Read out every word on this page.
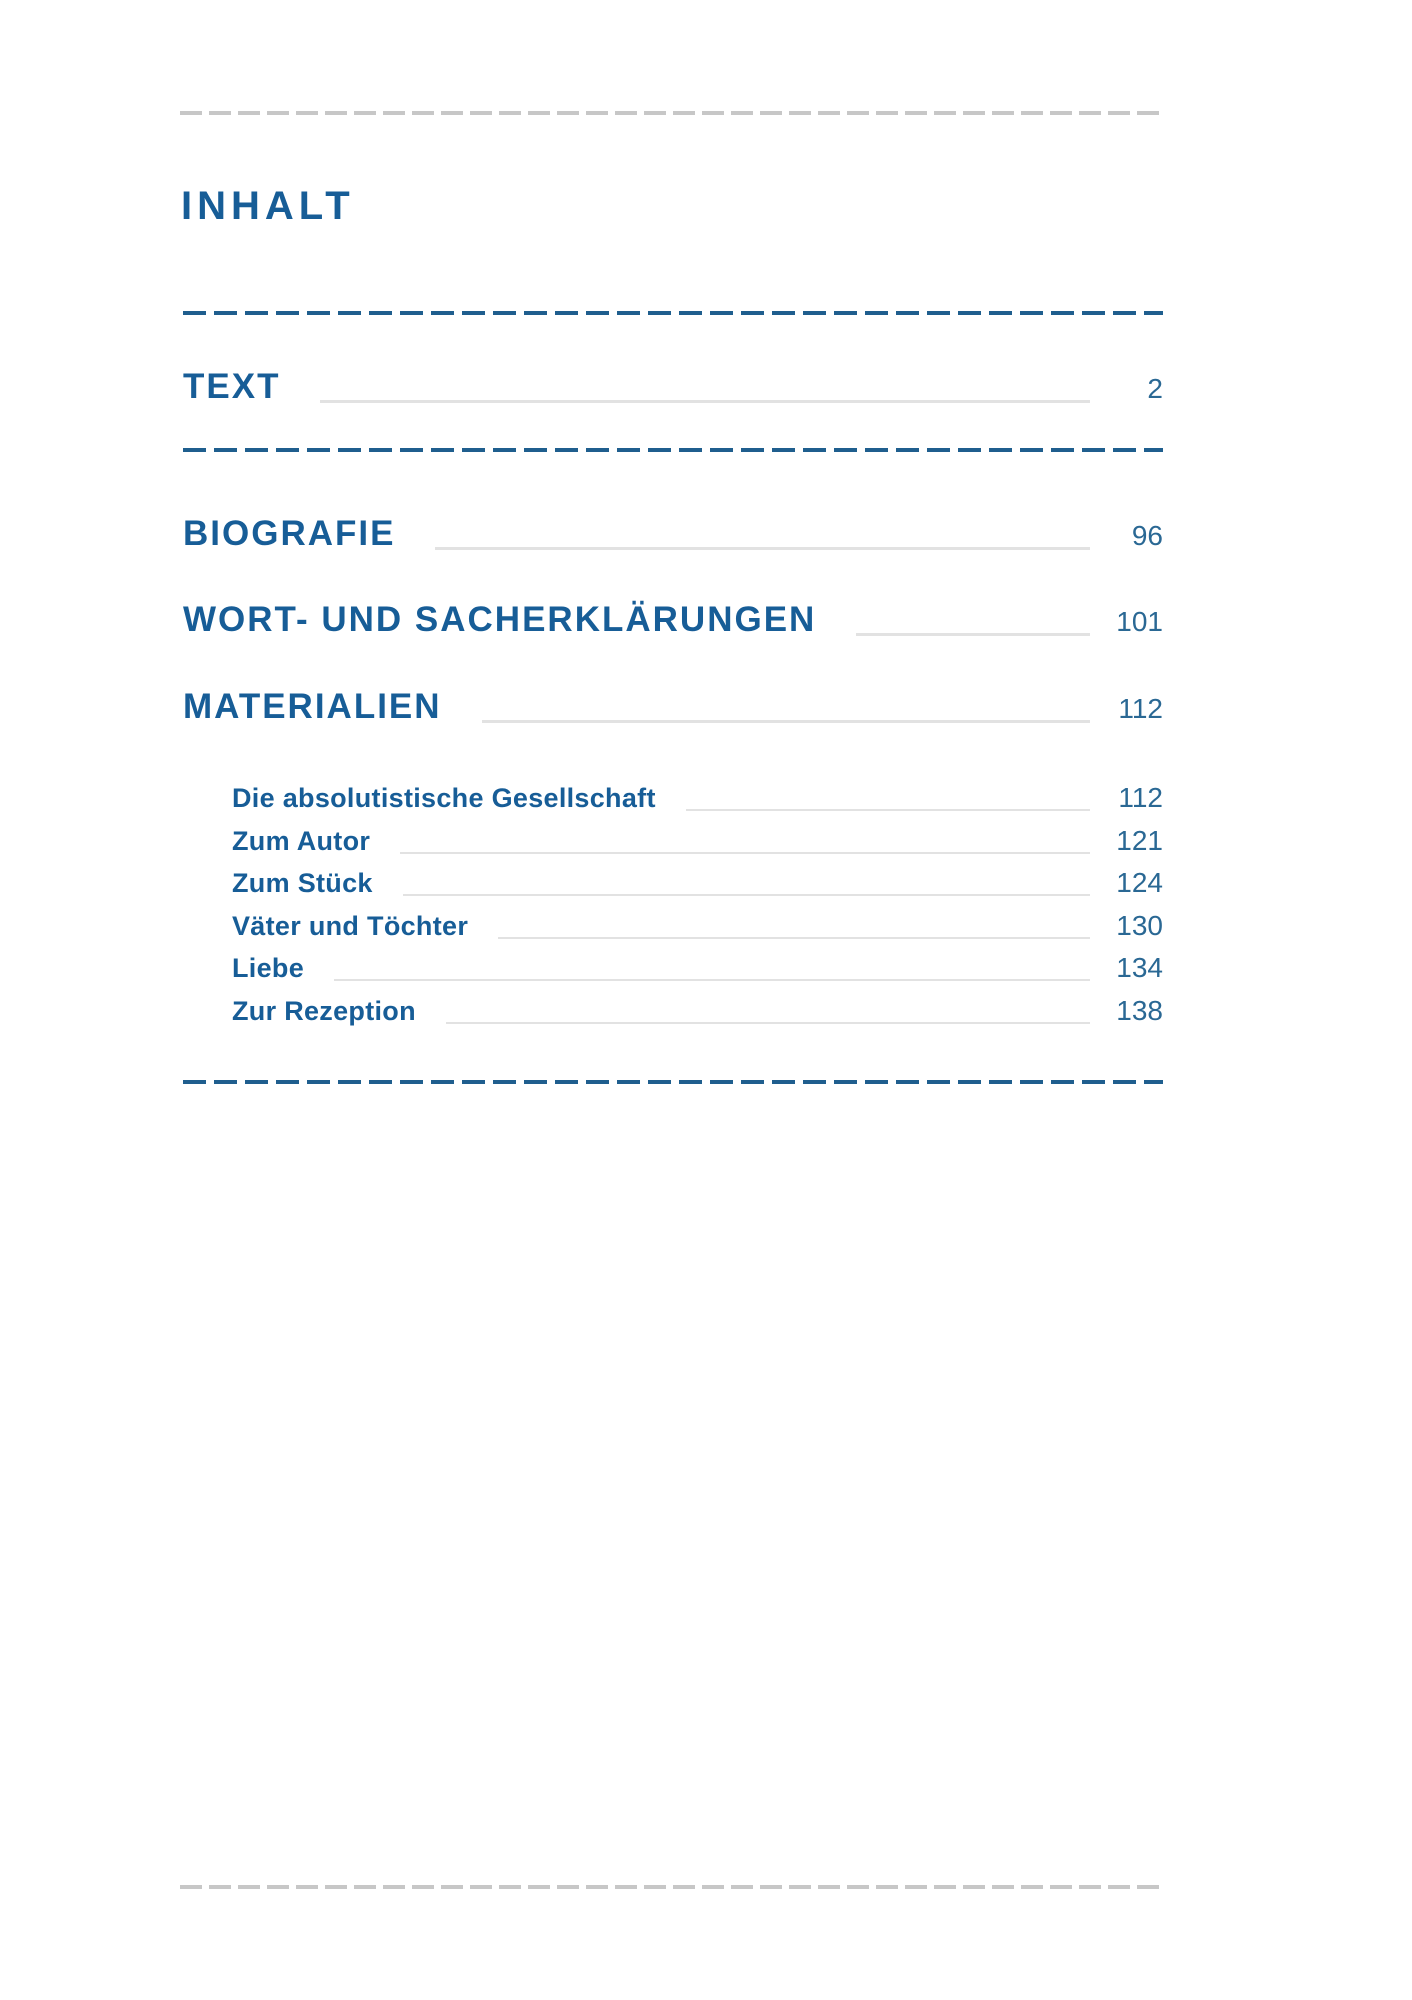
INHALT
TEXT	2
BIOGRAFIE	96
WORT- UND SACHERKLÄRUNGEN	101
MATERIALIEN	112
Die absolutistische Gesellschaft	112
Zum Autor	121
Zum Stück	124
Väter und Töchter	130
Liebe	134
Zur Rezeption	138
